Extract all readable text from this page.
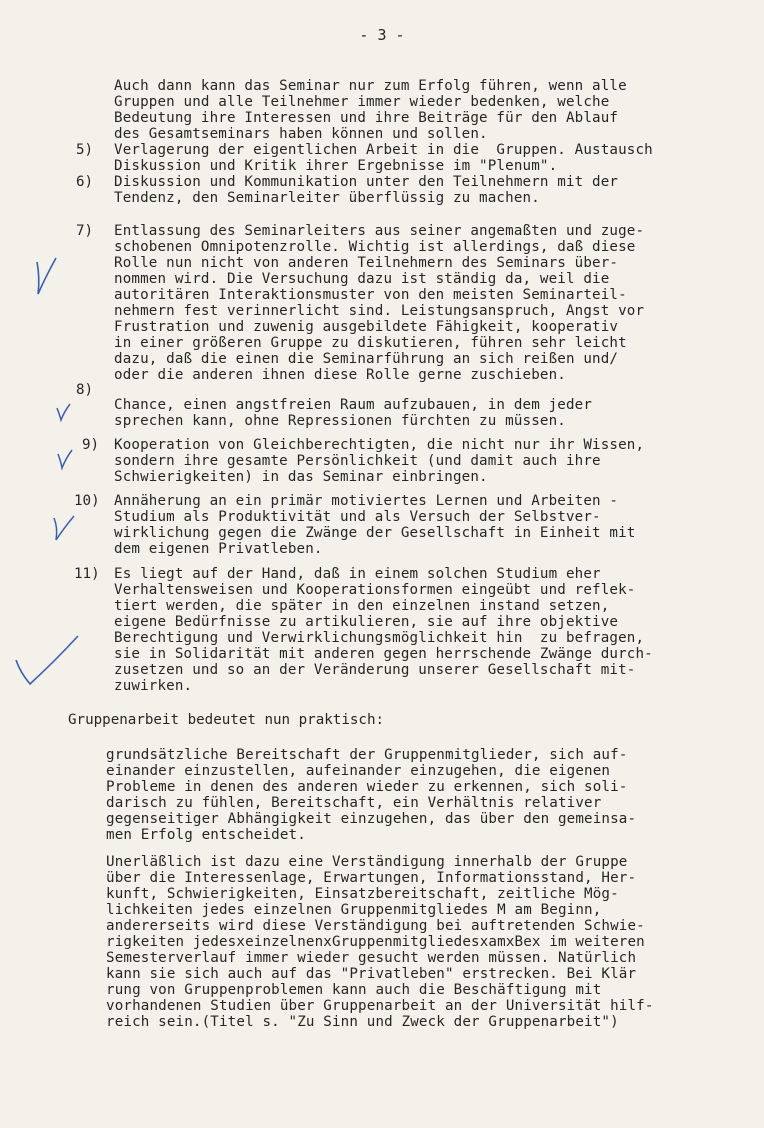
- 3 -
Auch dann kann das Seminar nur zum Erfolg führen, wenn alle
Gruppen und alle Teilnehmer immer wieder bedenken, welche
Bedeutung ihre Interessen und ihre Beiträge für den Ablauf
des Gesamtseminars haben können und sollen.
5) Verlagerung der eigentlichen Arbeit in die  Gruppen. Austausch
Diskussion und Kritik ihrer Ergebnisse im "Plenum".
6) Diskussion und Kommunikation unter den Teilnehmern mit der
Tendenz, den Seminarleiter überflüssig zu machen.
7) Entlassung des Seminarleiters aus seiner angemaßten und zuge-
schobenen Omnipotenzrolle. Wichtig ist allerdings, daß diese
Rolle nun nicht von anderen Teilnehmern des Seminars über-
nommen wird. Die Versuchung dazu ist ständig da, weil die
autoritären Interaktionsmuster von den meisten Seminarteil-
nehmern fest verinnerlicht sind. Leistungsanspruch, Angst vor
Frustration und zuwenig ausgebildete Fähigkeit, kooperativ
in einer größeren Gruppe zu diskutieren, führen sehr leicht
dazu, daß die einen die Seminarführung an sich reißen und/
oder die anderen ihnen diese Rolle gerne zuschieben.
8)
Chance, einen angstfreien Raum aufzubauen, in dem jeder
sprechen kann, ohne Repressionen fürchten zu müssen.
9) Kooperation von Gleichberechtigten, die nicht nur ihr Wissen,
sondern ihre gesamte Persönlichkeit (und damit auch ihre
Schwierigkeiten) in das Seminar einbringen.
10) Annäherung an ein primär motiviertes Lernen und Arbeiten -
Studium als Produktivität und als Versuch der Selbstver-
wirklichung gegen die Zwänge der Gesellschaft in Einheit mit
dem eigenen Privatleben.
11) Es liegt auf der Hand, daß in einem solchen Studium eher
Verhaltensweisen und Kooperationsformen eingeübt und reflek-
tiert werden, die später in den einzelnen instand setzen,
eigene Bedürfnisse zu artikulieren, sie auf ihre objektive
Berechtigung und Verwirklichungsmöglichkeit hin  zu befragen,
sie in Solidarität mit anderen gegen herrschende Zwänge durch-
zusetzen und so an der Veränderung unserer Gesellschaft mit-
zuwirken.
Gruppenarbeit bedeutet nun praktisch:
grundsätzliche Bereitschaft der Gruppenmitglieder, sich auf-
einander einzustellen, aufeinander einzugehen, die eigenen
Probleme in denen des anderen wieder zu erkennen, sich soli-
darisch zu fühlen, Bereitschaft, ein Verhältnis relativer
gegenseitiger Abhängigkeit einzugehen, das über den gemeinsa-
men Erfolg entscheidet.
Unerläßlich ist dazu eine Verständigung innerhalb der Gruppe
über die Interessenlage, Erwartungen, Informationsstand, Her-
kunft, Schwierigkeiten, Einsatzbereitschaft, zeitliche Mög-
lichkeiten jedes einzelnen Gruppenmitgliedes M am Beginn,
andererseits wird diese Verständigung bei auftretenden Schwie-
rigkeiten jedesxeinzelnenxGruppenmitgliedesxamxBex im weiteren
Semesterverlauf immer wieder gesucht werden müssen. Natürlich
kann sie sich auch auf das "Privatleben" erstrecken. Bei Klär
rung von Gruppenproblemen kann auch die Beschäftigung mit
vorhandenen Studien über Gruppenarbeit an der Universität hilf-
reich sein.(Titel s. "Zu Sinn und Zweck der Gruppenarbeit")
